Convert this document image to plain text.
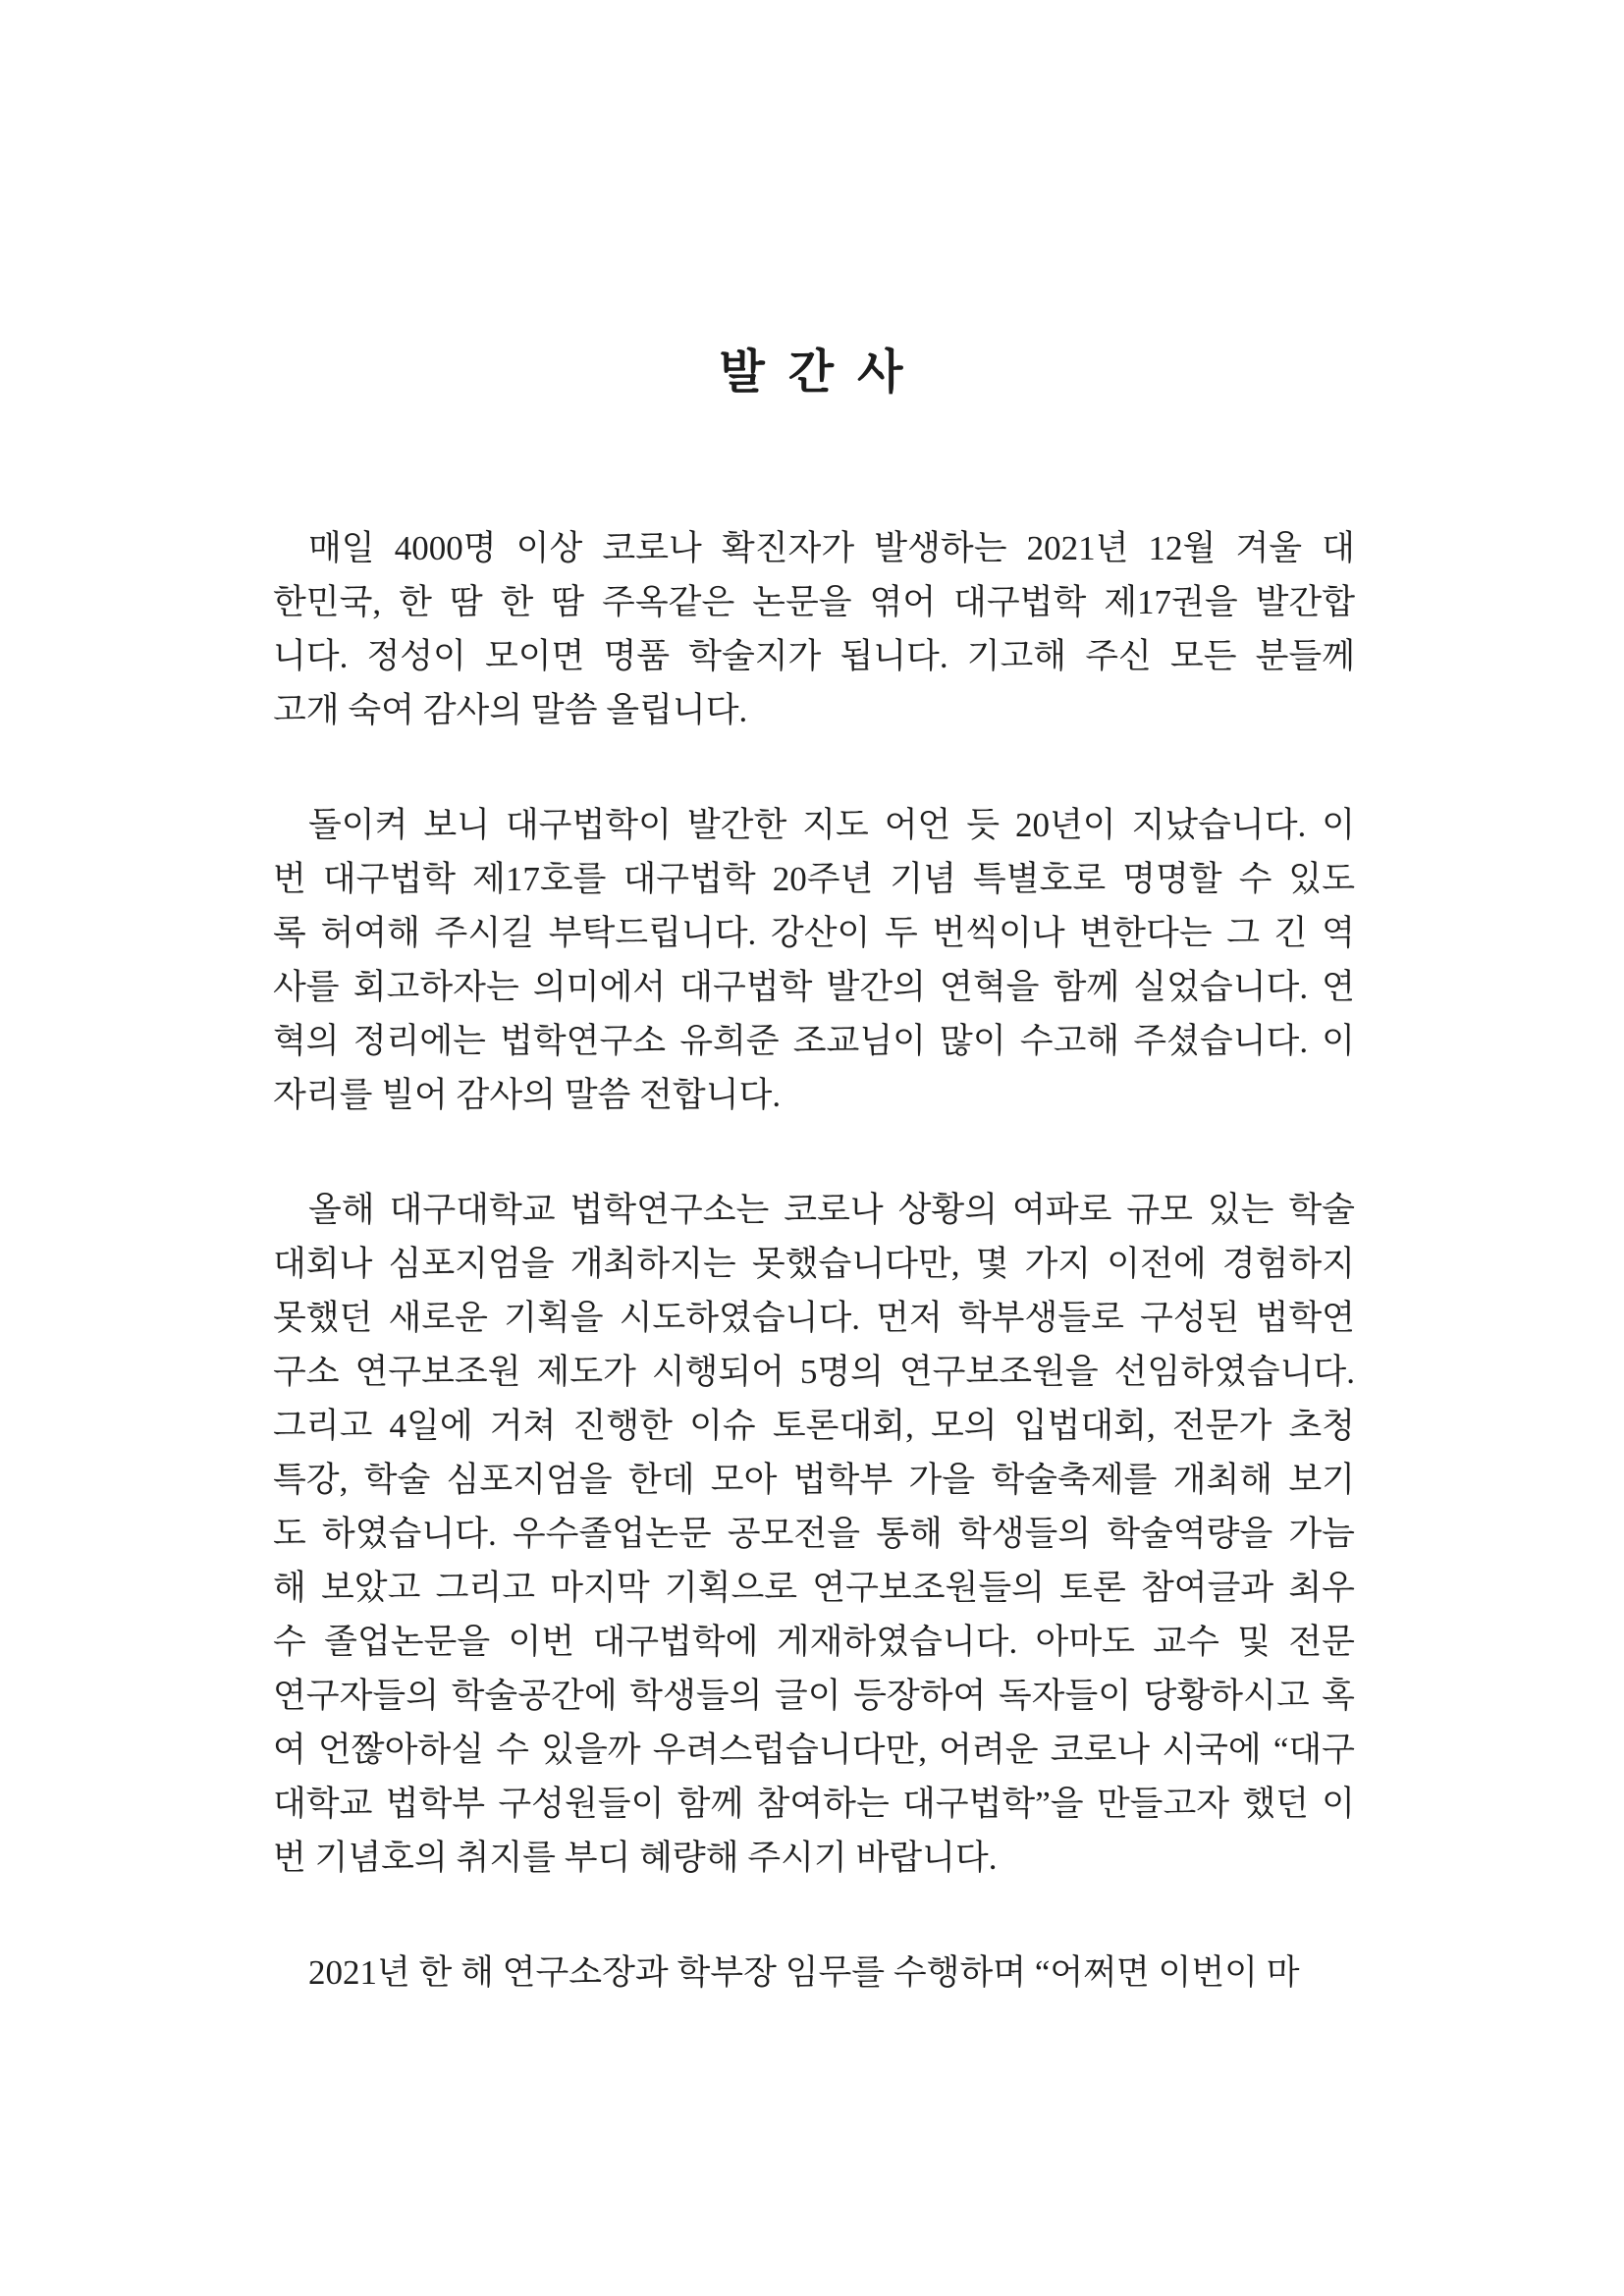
발 간 사
매일 4000명 이상 코로나 확진자가 발생하는 2021년 12월 겨울 대
한민국, 한 땀 한 땀 주옥같은 논문을 엮어 대구법학 제17권을 발간합
니다. 정성이 모이면 명품 학술지가 됩니다. 기고해 주신 모든 분들께
고개 숙여 감사의 말씀 올립니다.
돌이켜 보니 대구법학이 발간한 지도 어언 듯 20년이 지났습니다. 이
번 대구법학 제17호를 대구법학 20주년 기념 특별호로 명명할 수 있도
록 허여해 주시길 부탁드립니다. 강산이 두 번씩이나 변한다는 그 긴 역
사를 회고하자는 의미에서 대구법학 발간의 연혁을 함께 실었습니다. 연
혁의 정리에는 법학연구소 유희준 조교님이 많이 수고해 주셨습니다. 이
자리를 빌어 감사의 말씀 전합니다.
올해 대구대학교 법학연구소는 코로나 상황의 여파로 규모 있는 학술
대회나 심포지엄을 개최하지는 못했습니다만, 몇 가지 이전에 경험하지
못했던 새로운 기획을 시도하였습니다. 먼저 학부생들로 구성된 법학연
구소 연구보조원 제도가 시행되어 5명의 연구보조원을 선임하였습니다.
그리고 4일에 거쳐 진행한 이슈 토론대회, 모의 입법대회, 전문가 초청
특강, 학술 심포지엄을 한데 모아 법학부 가을 학술축제를 개최해 보기
도 하였습니다. 우수졸업논문 공모전을 통해 학생들의 학술역량을 가늠
해 보았고 그리고 마지막 기획으로 연구보조원들의 토론 참여글과 최우
수 졸업논문을 이번 대구법학에 게재하였습니다. 아마도 교수 및 전문
연구자들의 학술공간에 학생들의 글이 등장하여 독자들이 당황하시고 혹
여 언짢아하실 수 있을까 우려스럽습니다만, 어려운 코로나 시국에 “대구
대학교 법학부 구성원들이 함께 참여하는 대구법학”을 만들고자 했던 이
번 기념호의 취지를 부디 혜량해 주시기 바랍니다.
2021년 한 해 연구소장과 학부장 임무를 수행하며 “어쩌면 이번이 마
